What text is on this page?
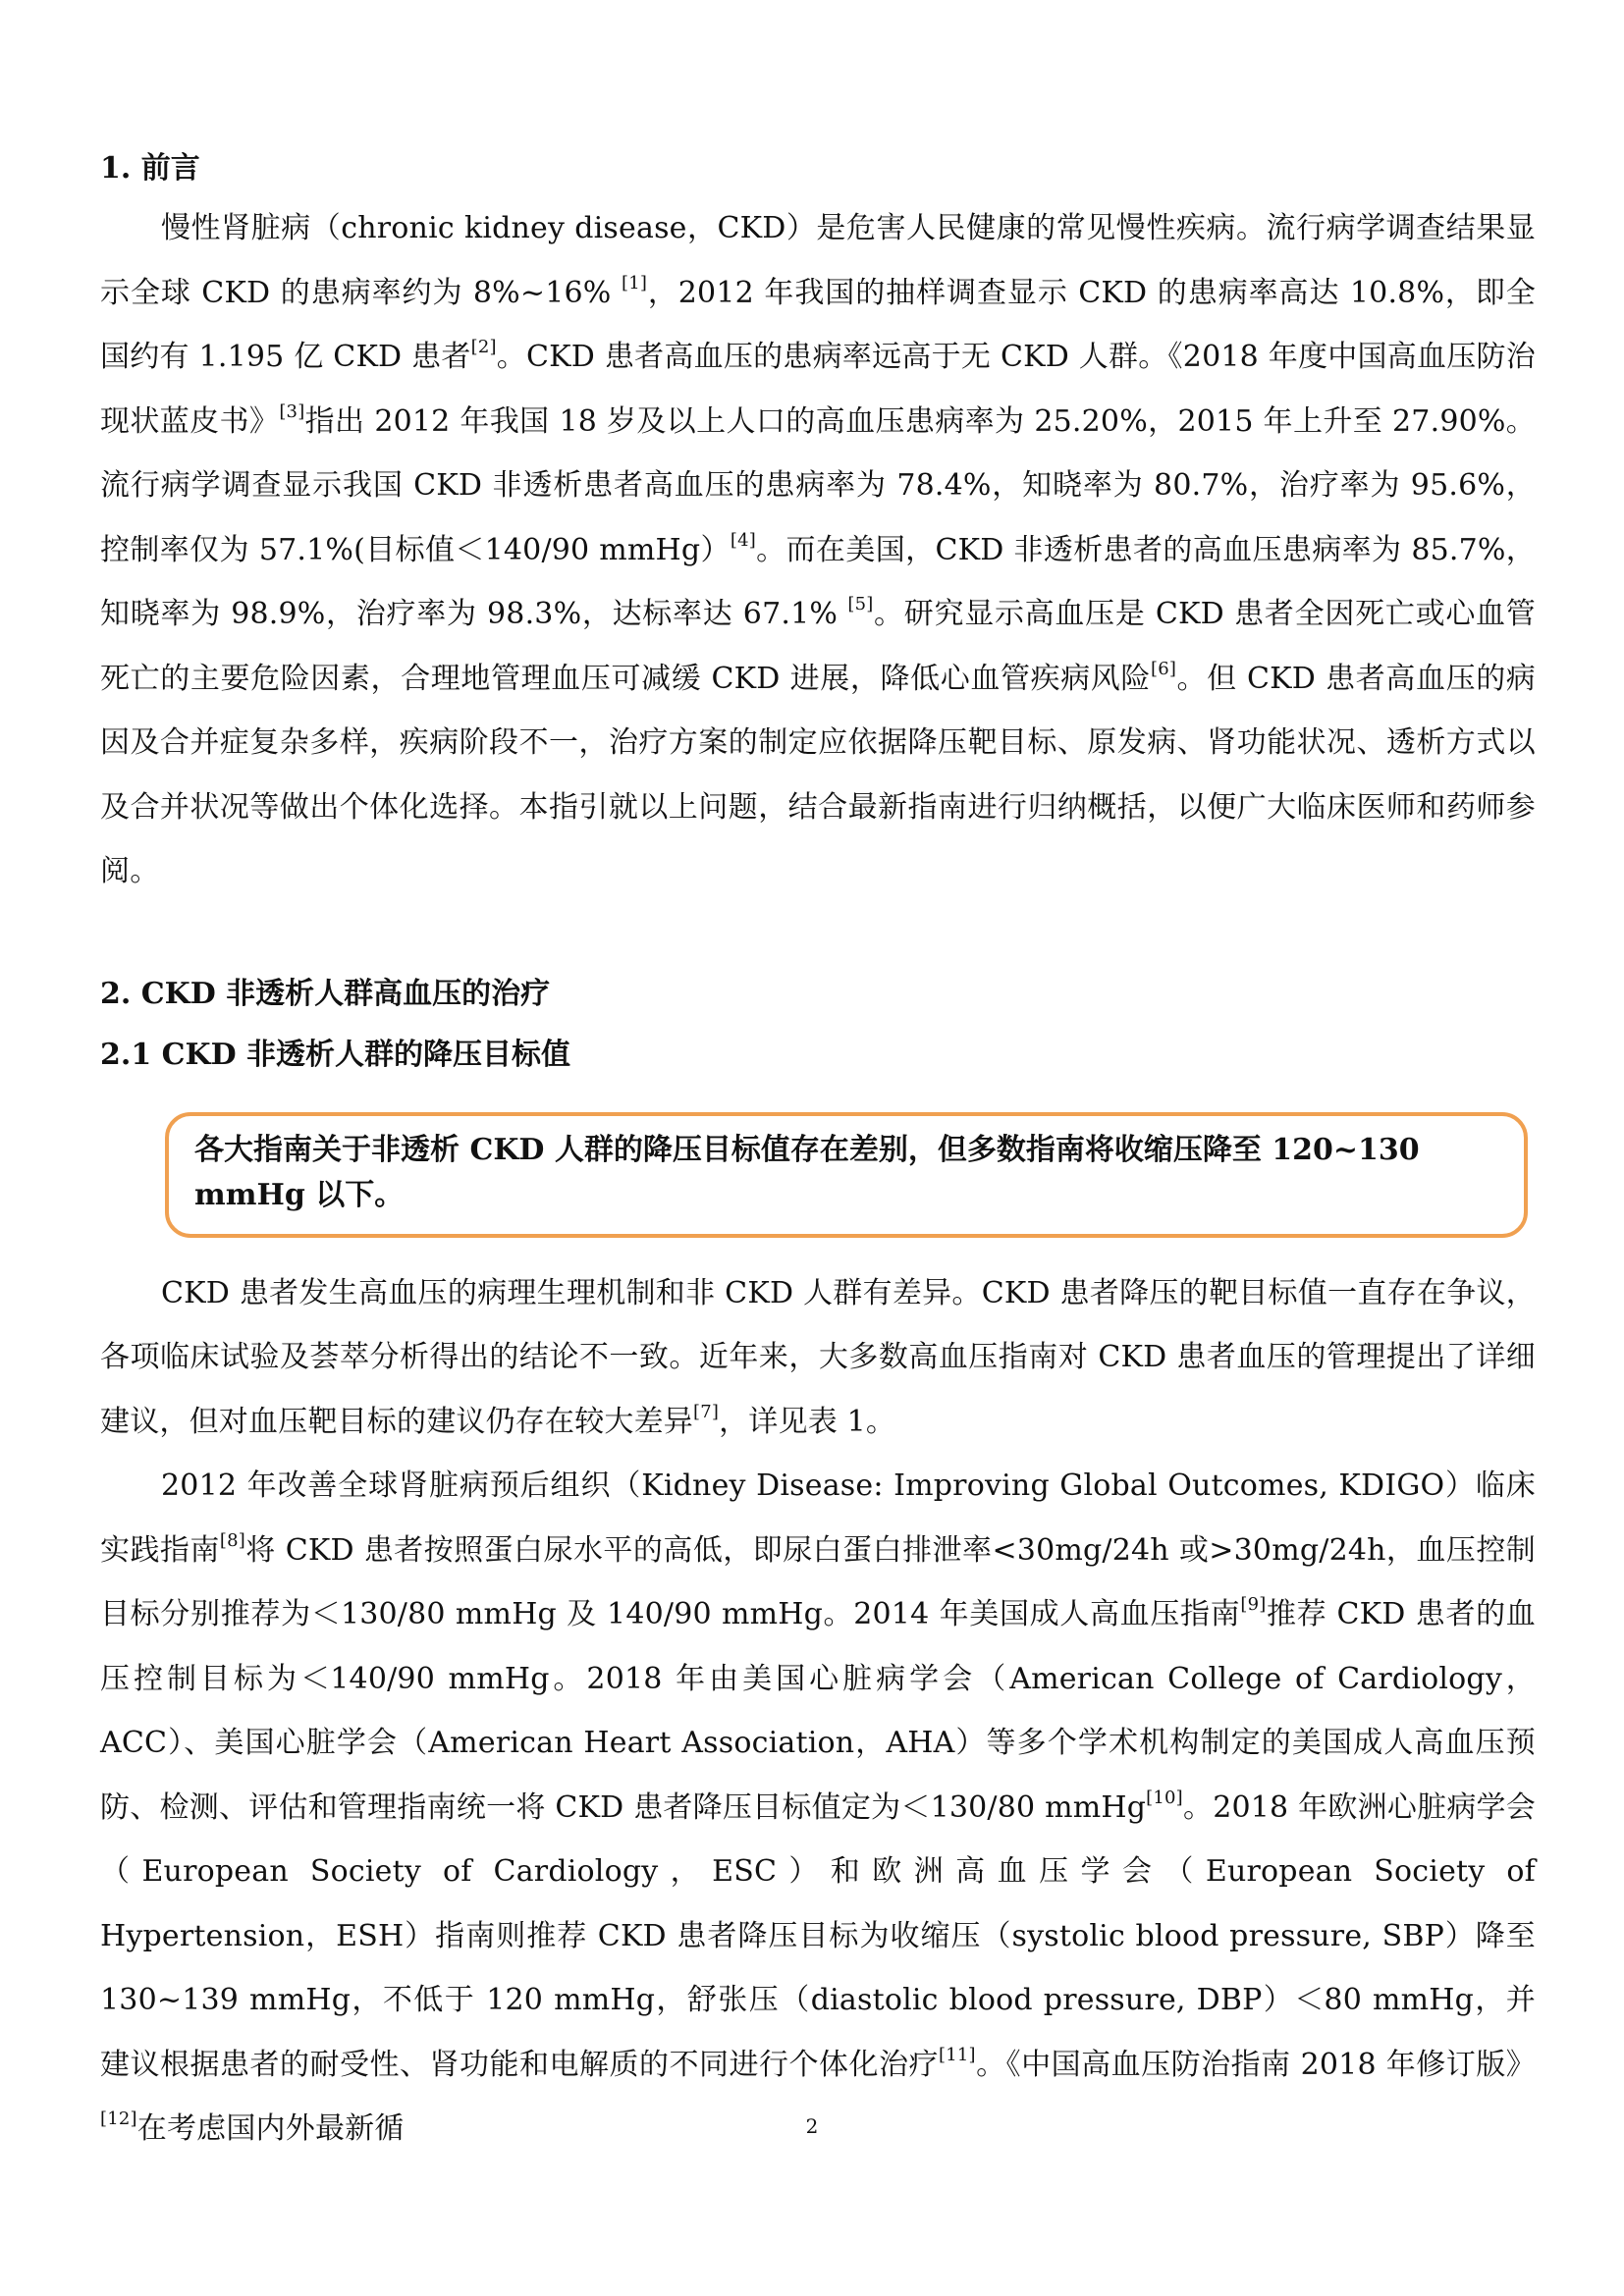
1. 前言

慢性肾脏病（chronic kidney disease，CKD）是危害人民健康的常见慢性疾病。流行病学调查结果显示全球 CKD 的患病率约为 8%~16% [1]，2012 年我国的抽样调查显示 CKD 的患病率高达 10.8%，即全国约有 1.195 亿 CKD 患者[2]。CKD 患者高血压的患病率远高于无 CKD 人群。《2018 年度中国高血压防治现状蓝皮书》[3]指出 2012 年我国 18 岁及以上人口的高血压患病率为 25.20%，2015 年上升至 27.90%。流行病学调查显示我国 CKD 非透析患者高血压的患病率为 78.4%，知晓率为 80.7%，治疗率为 95.6%，控制率仅为 57.1%(目标值＜140/90 mmHg）[4]。而在美国，CKD 非透析患者的高血压患病率为 85.7%，知晓率为 98.9%，治疗率为 98.3%，达标率达 67.1% [5]。研究显示高血压是 CKD 患者全因死亡或心血管死亡的主要危险因素，合理地管理血压可减缓 CKD 进展，降低心血管疾病风险[6]。但 CKD 患者高血压的病因及合并症复杂多样，疾病阶段不一，治疗方案的制定应依据降压靶目标、原发病、肾功能状况、透析方式以及合并状况等做出个体化选择。本指引就以上问题，结合最新指南进行归纳概括，以便广大临床医师和药师参阅。

2. CKD 非透析人群高血压的治疗
2.1 CKD 非透析人群的降压目标值
各大指南关于非透析 CKD 人群的降压目标值存在差别，但多数指南将收缩压降至 120~130 mmHg 以下。

CKD 患者发生高血压的病理生理机制和非 CKD 人群有差异。CKD 患者降压的靶目标值一直存在争议，各项临床试验及荟萃分析得出的结论不一致。近年来，大多数高血压指南对 CKD 患者血压的管理提出了详细建议，但对血压靶目标的建议仍存在较大差异[7]，详见表 1。

2012 年改善全球肾脏病预后组织（Kidney Disease: Improving Global Outcomes, KDIGO）临床实践指南[8]将 CKD 患者按照蛋白尿水平的高低，即尿白蛋白排泄率<30mg/24h 或>30mg/24h，血压控制目标分别推荐为＜130/80 mmHg 及 140/90 mmHg。2014 年美国成人高血压指南[9]推荐 CKD 患者的血压控制目标为＜140/90 mmHg。2018 年由美国心脏病学会（American College of Cardiology，ACC）、美国心脏学会（American Heart Association，AHA）等多个学术机构制定的美国成人高血压预防、检测、评估和管理指南统一将 CKD 患者降压目标值定为＜130/80 mmHg[10]。2018 年欧洲心脏病学会（European Society of Cardiology，ESC）和欧洲高血压学会（European Society of Hypertension，ESH）指南则推荐 CKD 患者降压目标为收缩压（systolic blood pressure, SBP）降至 130~139 mmHg，不低于 120 mmHg，舒张压（diastolic blood pressure, DBP）＜80 mmHg，并建议根据患者的耐受性、肾功能和电解质的不同进行个体化治疗[11]。《中国高血压防治指南 2018 年修订版》[12]在考虑国内外最新循	2
